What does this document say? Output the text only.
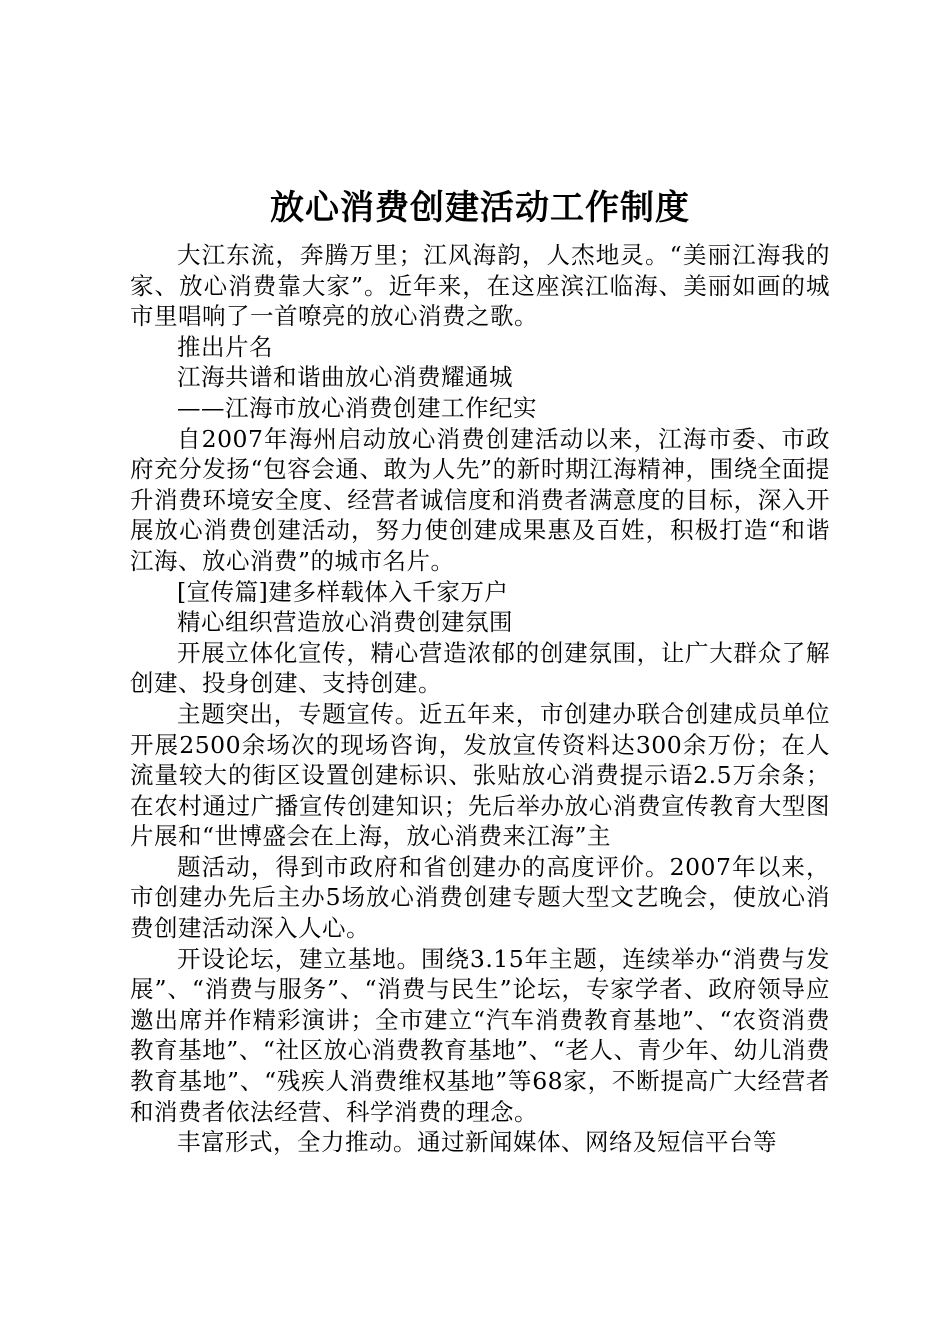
放心消费创建活动工作制度

大江东流，奔腾万里；江风海韵，人杰地灵。“美丽江海我的家、放心消费靠大家”。近年来，在这座滨江临海、美丽如画的城市里唱响了一首嘹亮的放心消费之歌。

推出片名

江海共谱和谐曲放心消费耀通城

——江海市放心消费创建工作纪实

自2007年海州启动放心消费创建活动以来，江海市委、市政府充分发扬“包容会通、敢为人先”的新时期江海精神，围绕全面提升消费环境安全度、经营者诚信度和消费者满意度的目标，深入开展放心消费创建活动，努力使创建成果惠及百姓，积极打造“和谐江海、放心消费”的城市名片。

[宣传篇]建多样载体入千家万户

精心组织营造放心消费创建氛围

开展立体化宣传，精心营造浓郁的创建氛围，让广大群众了解创建、投身创建、支持创建。

主题突出，专题宣传。近五年来，市创建办联合创建成员单位开展2500余场次的现场咨询，发放宣传资料达300余万份；在人流量较大的街区设置创建标识、张贴放心消费提示语2.5万余条；在农村通过广播宣传创建知识；先后举办放心消费宣传教育大型图片展和“世博盛会在上海，放心消费来江海”主

题活动，得到市政府和省创建办的高度评价。2007年以来，市创建办先后主办5场放心消费创建专题大型文艺晚会，使放心消费创建活动深入人心。

开设论坛，建立基地。围绕3.15年主题，连续举办“消费与发展”、“消费与服务”、“消费与民生”论坛，专家学者、政府领导应邀出席并作精彩演讲；全市建立“汽车消费教育基地”、“农资消费教育基地”、“社区放心消费教育基地”、“老人、青少年、幼儿消费教育基地”、“残疾人消费维权基地”等68家，不断提高广大经营者和消费者依法经营、科学消费的理念。

丰富形式，全力推动。通过新闻媒体、网络及短信平台等
